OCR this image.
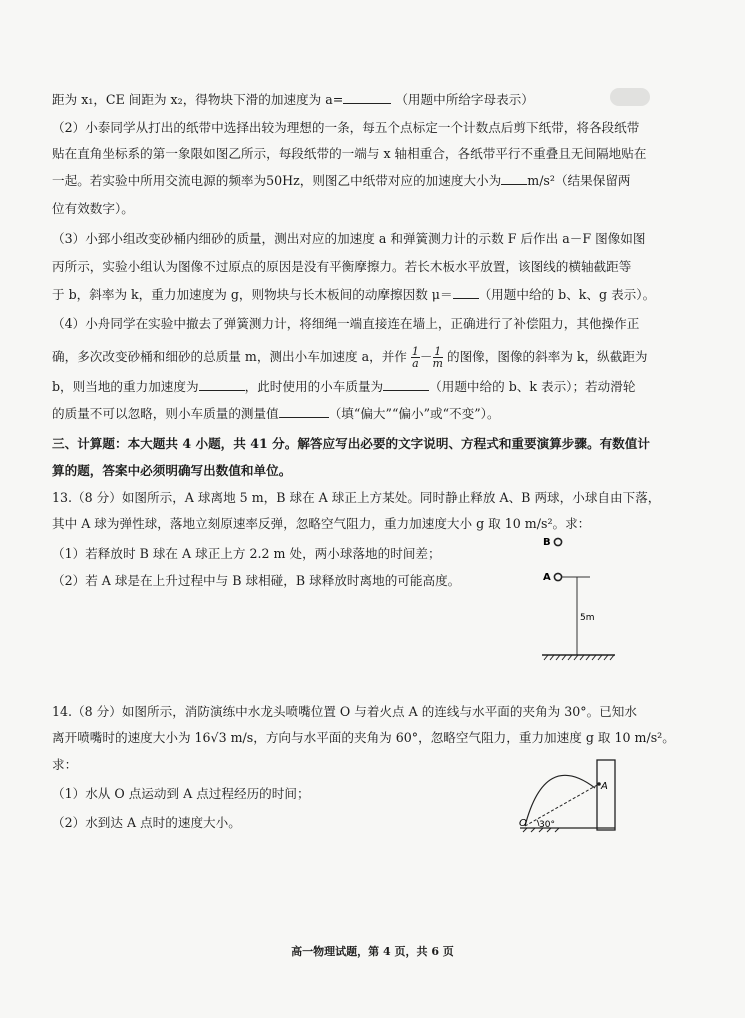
距为 x₁，CE 间距为 x₂，得物块下滑的加速度为 a=	（用题中所给字母表示）

（2）小泰同学从打出的纸带中选择出较为理想的一条，每五个点标定一个计数点后剪下纸带，将各段纸带

贴在直角坐标系的第一象限如图乙所示，每段纸带的一端与 x 轴相重合，各纸带平行不重叠且无间隔地贴在

一起。若实验中所用交流电源的频率为50Hz，则图乙中纸带对应的加速度大小为 m/s²（结果保留两

位有效数字）。

（3）小郅小组改变砂桶内细砂的质量，测出对应的加速度 a 和弹簧测力计的示数 F 后作出 a－F 图像如图

丙所示，实验小组认为图像不过原点的原因是没有平衡摩擦力。若长木板水平放置，该图线的横轴截距等

于 b，斜率为 k，重力加速度为 g，则物块与长木板间的动摩擦因数 μ＝ （用题中给的 b、k、g 表示）。

（4）小舟同学在实验中撤去了弹簧测力计，将细绳一端直接连在墙上，正确进行了补偿阻力，其他操作正

确，多次改变砂桶和细砂的总质量 m，测出小车加速度 a，并作 $\frac{1}{a} - \frac{1}{m}$ 的图像，图像的斜率为 k，纵截距为

b，则当地的重力加速度为	，此时使用的小车质量为	（用题中给的 b、k 表示）；若动滑轮

的质量不可以忽略，则小车质量的测量值	（填“偏大”“偏小”或“不变”）。

三、计算题：本大题共 4 小题，共 41 分。解答应写出必要的文字说明、方程式和重要演算步骤。有数值计

算的题，答案中必须明确写出数值和单位。

13.（8 分）如图所示，A 球离地 5 m，B 球在 A 球正上方某处。同时静止释放 A、B 两球，小球自由下落，

其中 A 球为弹性球，落地立刻原速率反弹，忽略空气阻力，重力加速度大小 g 取 10 m/s²。求：

（1）若释放时 B 球在 A 球正上方 2.2 m 处，两小球落地的时间差；

（2）若 A 球是在上升过程中与 B 球相碰，B 球释放时离地的可能高度。

B
A
5m

14.（8 分）如图所示，消防演练中水龙头喷嘴位置 O 与着火点 A 的连线与水平面的夹角为 30°。已知水

离开喷嘴时的速度大小为 16√3 m/s，方向与水平面的夹角为 60°，忽略空气阻力，重力加速度 g 取 10 m/s²。

求：

（1）水从 O 点运动到 A 点过程经历的时间；

（2）水到达 A 点时的速度大小。

A
O 30°
高一物理试题，第 4 页，共 6 页
